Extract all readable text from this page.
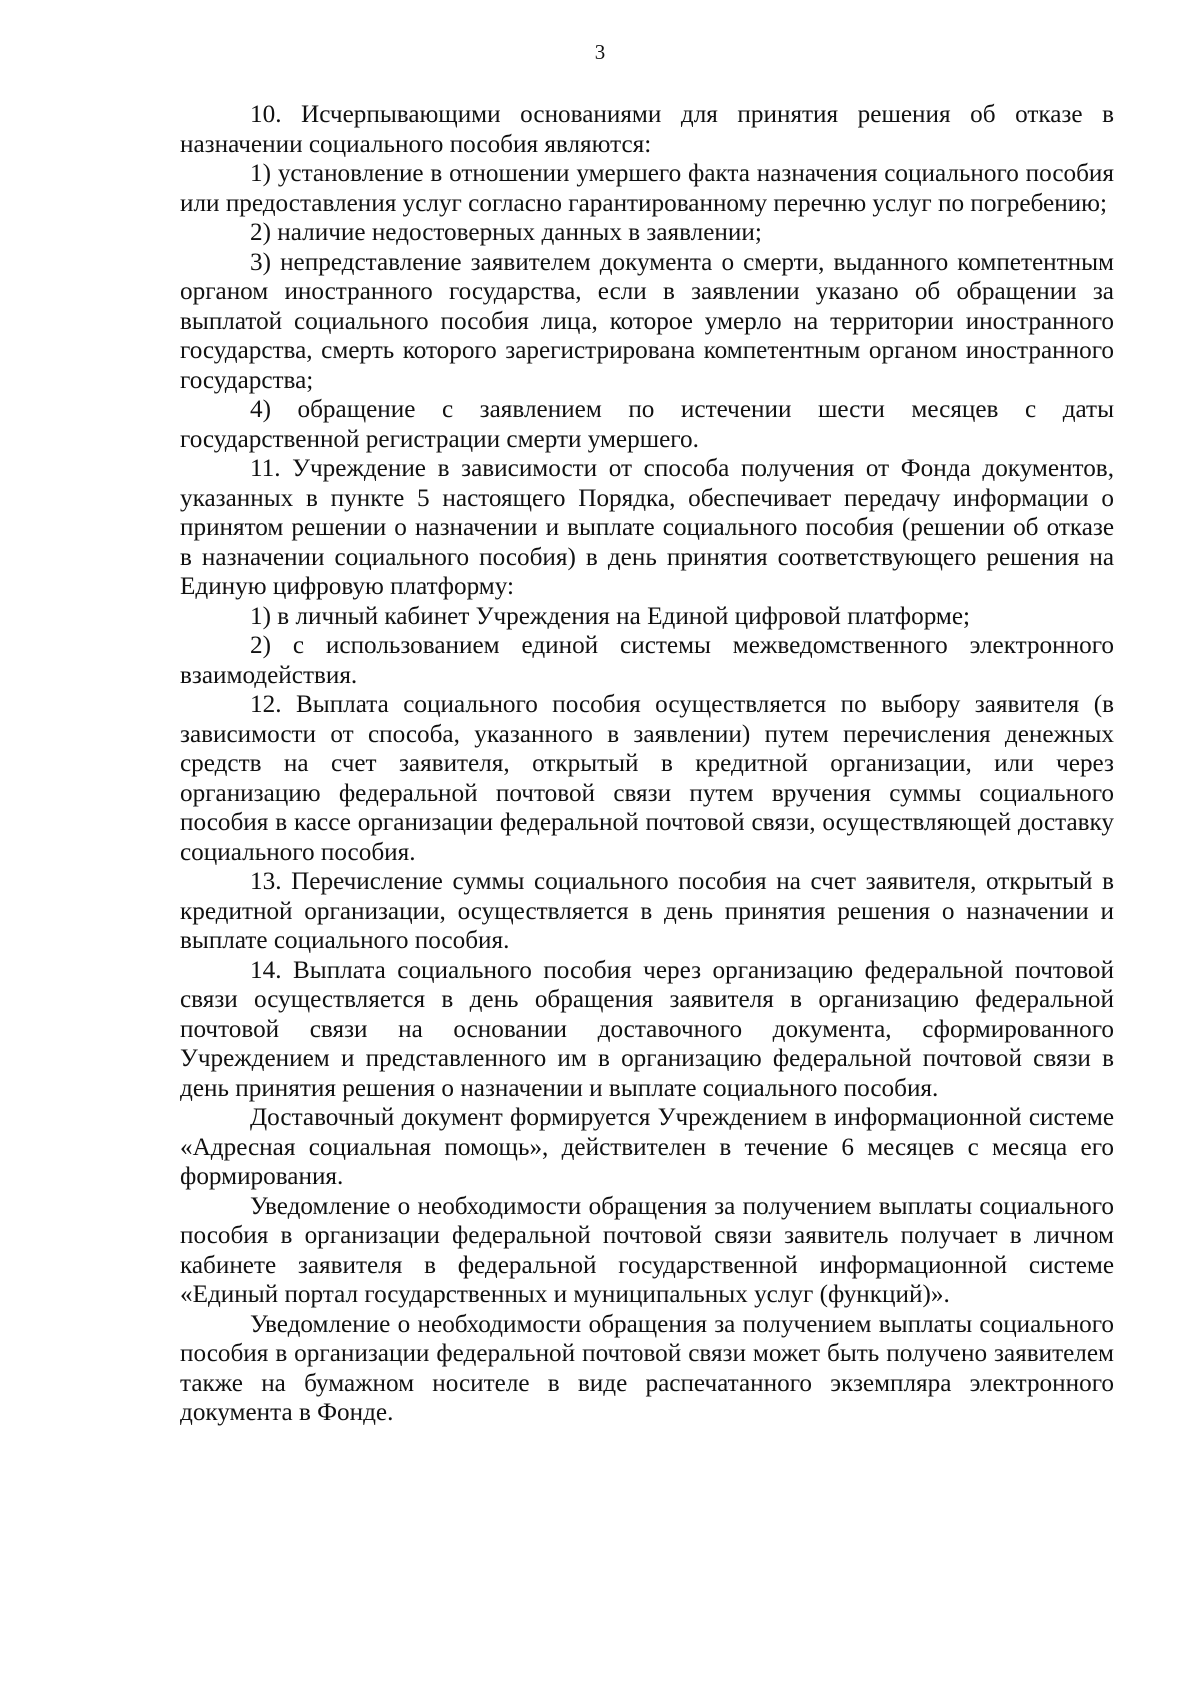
3

10. Исчерпывающими основаниями для принятия решения об отказе в назначении социального пособия являются:

1) установление в отношении умершего факта назначения социального пособия или предоставления услуг согласно гарантированному перечню услуг по погребению;

2) наличие недостоверных данных в заявлении;

3) непредставление заявителем документа о смерти, выданного компетентным органом иностранного государства, если в заявлении указано об обращении за выплатой социального пособия лица, которое умерло на территории иностранного государства, смерть которого зарегистрирована компетентным органом иностранного государства;

4) обращение с заявлением по истечении шести месяцев с даты государственной регистрации смерти умершего.

11. Учреждение в зависимости от способа получения от Фонда документов, указанных в пункте 5 настоящего Порядка, обеспечивает передачу информации о принятом решении о назначении и выплате социального пособия (решении об отказе в назначении социального пособия) в день принятия соответствующего решения на Единую цифровую платформу:

1) в личный кабинет Учреждения на Единой цифровой платформе;

2) с использованием единой системы межведомственного электронного взаимодействия.

12. Выплата социального пособия осуществляется по выбору заявителя (в зависимости от способа, указанного в заявлении) путем перечисления денежных средств на счет заявителя, открытый в кредитной организации, или через организацию федеральной почтовой связи путем вручения суммы социального пособия в кассе организации федеральной почтовой связи, осуществляющей доставку социального пособия.

13. Перечисление суммы социального пособия на счет заявителя, открытый в кредитной организации, осуществляется в день принятия решения о назначении и выплате социального пособия.

14. Выплата социального пособия через организацию федеральной почтовой связи осуществляется в день обращения заявителя в организацию федеральной почтовой связи на основании доставочного документа, сформированного Учреждением и представленного им в организацию федеральной почтовой связи в день принятия решения о назначении и выплате социального пособия.

Доставочный документ формируется Учреждением в информационной системе «Адресная социальная помощь», действителен в течение 6 месяцев с месяца его формирования.

Уведомление о необходимости обращения за получением выплаты социального пособия в организации федеральной почтовой связи заявитель получает в личном кабинете заявителя в федеральной государственной информационной системе «Единый портал государственных и муниципальных услуг (функций)».

Уведомление о необходимости обращения за получением выплаты социального пособия в организации федеральной почтовой связи может быть получено заявителем также на бумажном носителе в виде распечатанного экземпляра электронного документа в Фонде.
